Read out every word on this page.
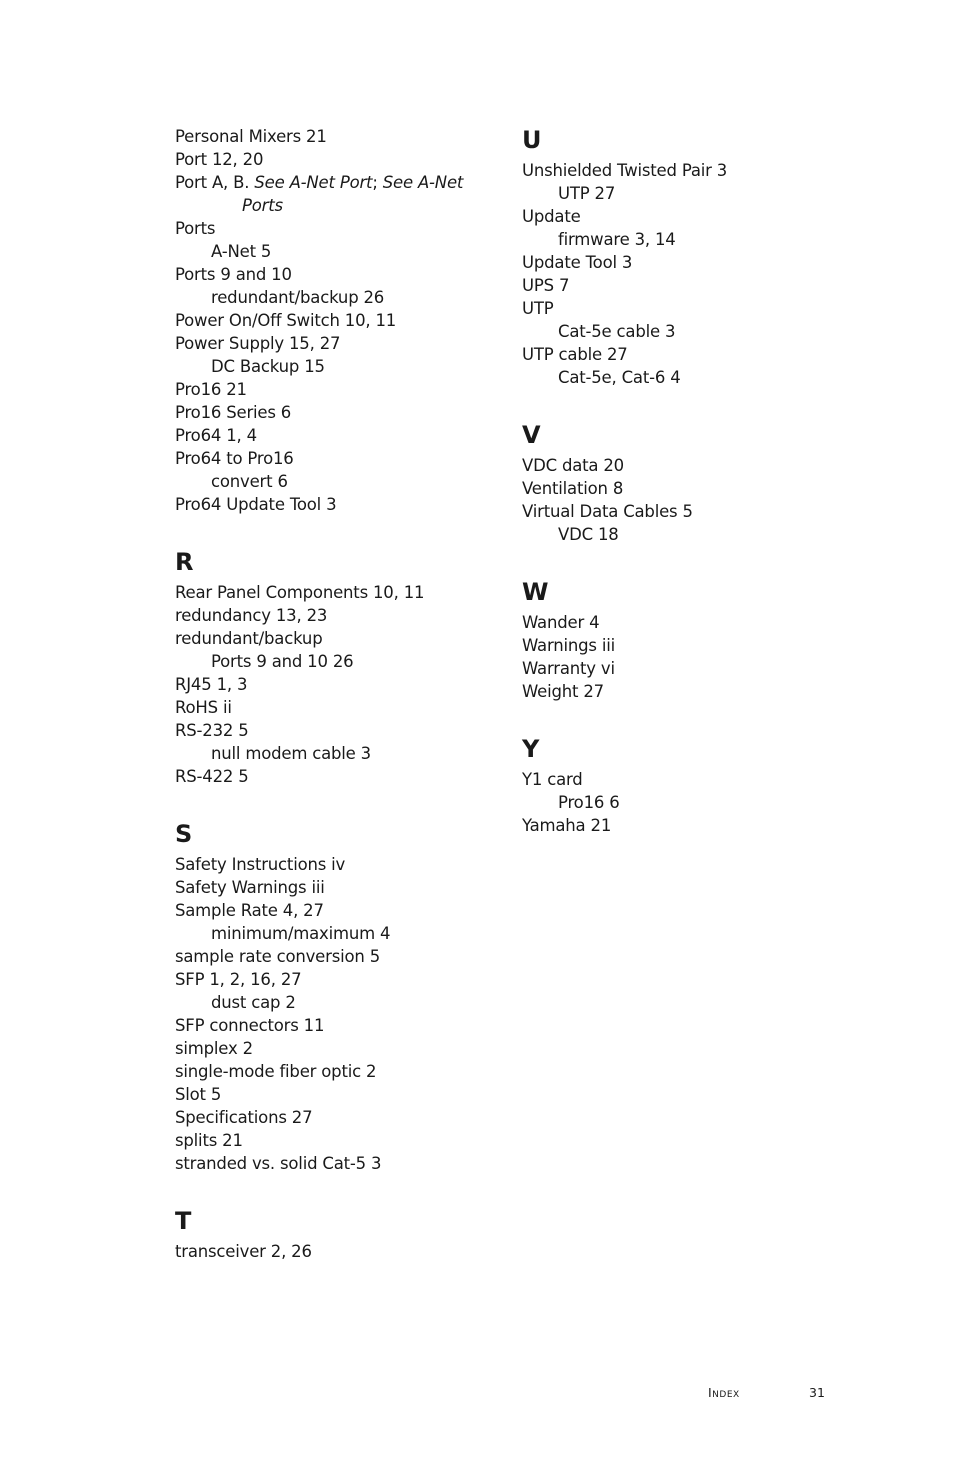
Personal Mixers 21
Port 12, 20
Port A, B. See A-Net Port; See A-Net
Ports
Ports
A-Net 5
Ports 9 and 10
redundant/backup 26
Power On/Off Switch 10, 11
Power Supply 15, 27
DC Backup 15
Pro16 21
Pro16 Series 6
Pro64 1, 4
Pro64 to Pro16
convert 6
Pro64 Update Tool 3
R
Rear Panel Components 10, 11
redundancy 13, 23
redundant/backup
Ports 9 and 10 26
RJ45 1, 3
RoHS ii
RS-232 5
null modem cable 3
RS-422 5
S
Safety Instructions iv
Safety Warnings iii
Sample Rate 4, 27
minimum/maximum 4
sample rate conversion 5
SFP 1, 2, 16, 27
dust cap 2
SFP connectors 11
simplex 2
single-mode fiber optic 2
Slot 5
Specifications 27
splits 21
stranded vs. solid Cat-5 3
T
transceiver 2, 26
U
Unshielded Twisted Pair 3
UTP 27
Update
firmware 3, 14
Update Tool 3
UPS 7
UTP
Cat-5e cable 3
UTP cable 27
Cat-5e, Cat-6 4
V
VDC data 20
Ventilation 8
Virtual Data Cables 5
VDC 18
W
Wander 4
Warnings iii
Warranty vi
Weight 27
Y
Y1 card
Pro16 6
Yamaha 21
Index	31
